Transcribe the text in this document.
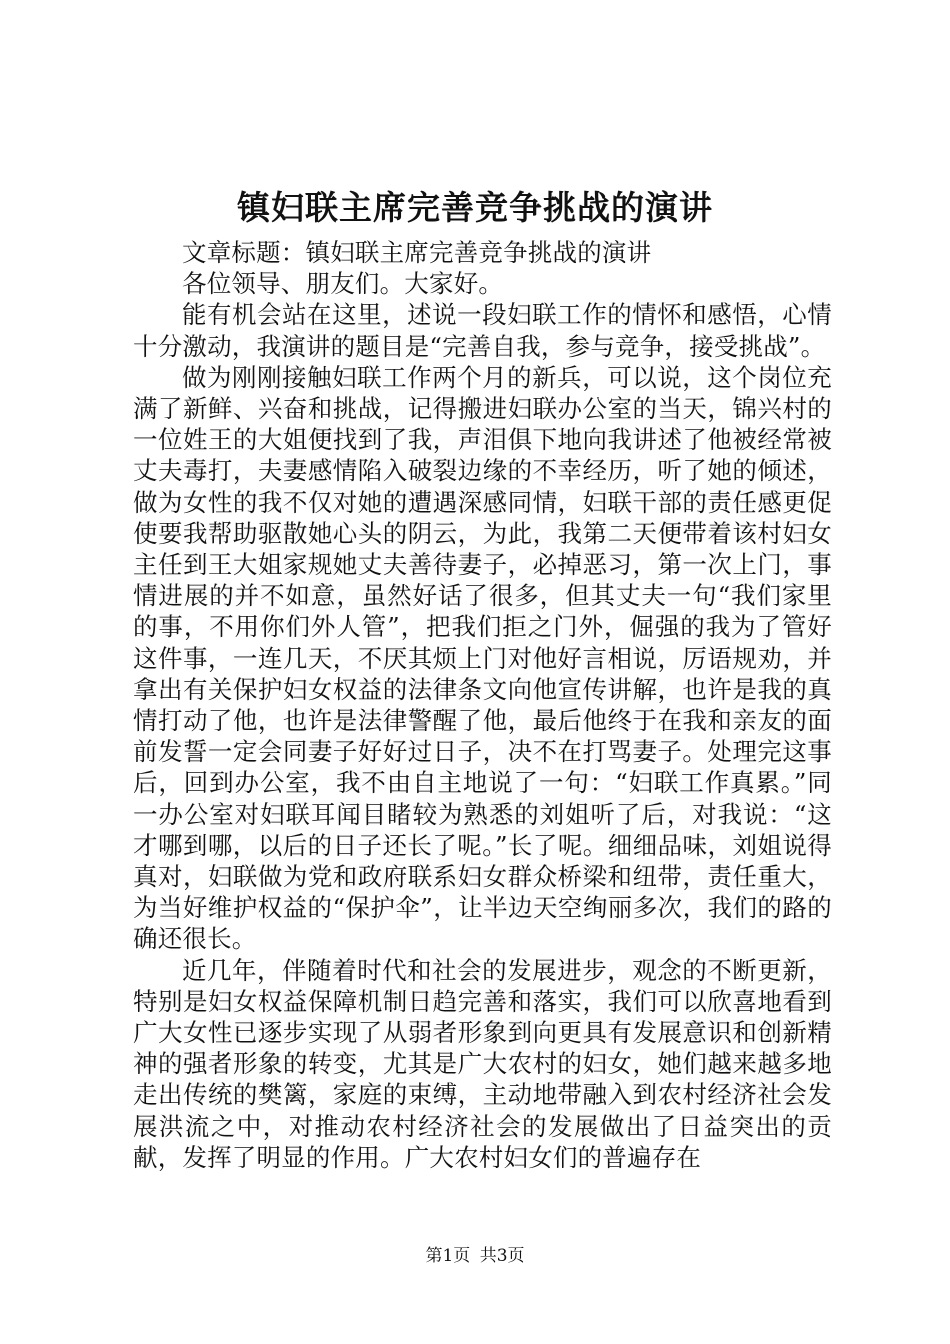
镇妇联主席完善竞争挑战的演讲

文章标题：镇妇联主席完善竞争挑战的演讲

各位领导、朋友们。大家好。

能有机会站在这里，述说一段妇联工作的情怀和感悟，心情十分激动，我演讲的题目是“完善自我，参与竞争，接受挑战”。

做为刚刚接触妇联工作两个月的新兵，可以说，这个岗位充满了新鲜、兴奋和挑战，记得搬进妇联办公室的当天，锦兴村的一位姓王的大姐便找到了我，声泪俱下地向我讲述了他被经常被丈夫毒打，夫妻感情陷入破裂边缘的不幸经历，听了她的倾述，做为女性的我不仅对她的遭遇深感同情，妇联干部的责任感更促使要我帮助驱散她心头的阴云，为此，我第二天便带着该村妇女主任到王大姐家规她丈夫善待妻子，必掉恶习，第一次上门，事情进展的并不如意，虽然好话了很多，但其丈夫一句“我们家里的事，不用你们外人管”，把我们拒之门外，倔强的我为了管好这件事，一连几天，不厌其烦上门对他好言相说，厉语规劝，并拿出有关保护妇女权益的法律条文向他宣传讲解，也许是我的真情打动了他，也许是法律警醒了他，最后他终于在我和亲友的面前发誓一定会同妻子好好过日子，决不在打骂妻子。处理完这事后，回到办公室，我不由自主地说了一句：“妇联工作真累。”同一办公室对妇联耳闻目睹较为熟悉的刘姐听了后，对我说：“这才哪到哪，以后的日子还长了呢。”长了呢。细细品味，刘姐说得真对，妇联做为党和政府联系妇女群众桥梁和纽带，责任重大，为当好维护权益的“保护伞”，让半边天空绚丽多次，我们的路的确还很长。

近几年，伴随着时代和社会的发展进步，观念的不断更新，特别是妇女权益保障机制日趋完善和落实，我们可以欣喜地看到广大女性已逐步实现了从弱者形象到向更具有发展意识和创新精神的强者形象的转变，尤其是广大农村的妇女，她们越来越多地走出传统的樊篱，家庭的束缚，主动地带融入到农村经济社会发展洪流之中，对推动农村经济社会的发展做出了日益突出的贡献，发挥了明显的作用。广大农村妇女们的普遍存在

第1页 共3页
